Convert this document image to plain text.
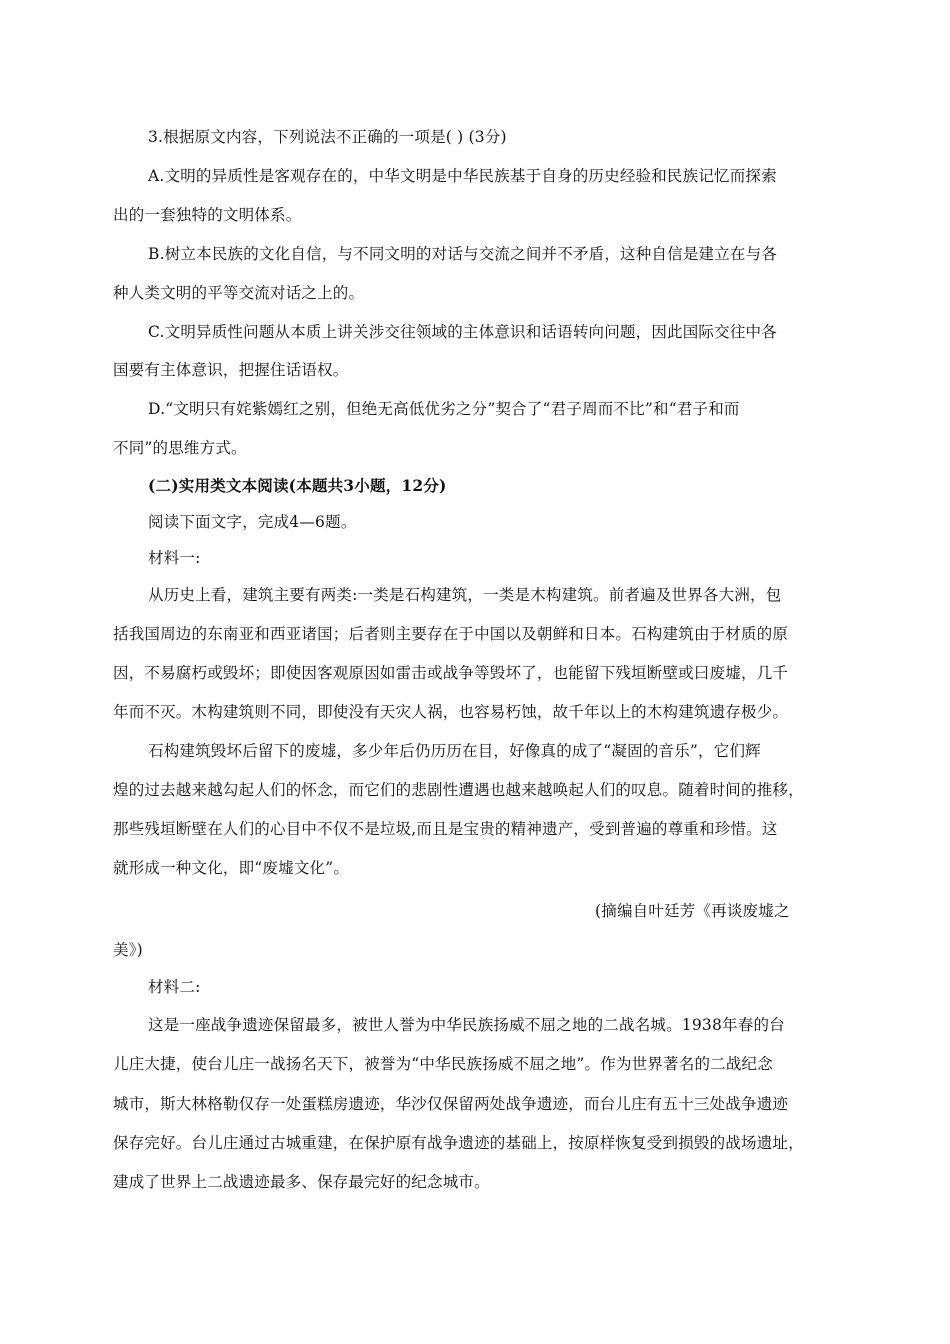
3.根据原文内容，下列说法不正确的一项是( ) (3分)
A.文明的异质性是客观存在的，中华文明是中华民族基于自身的历史经验和民族记忆而探索
出的一套独特的文明体系。
B.树立本民族的文化自信，与不同文明的对话与交流之间并不矛盾，这种自信是建立在与各
种人类文明的平等交流对话之上的。
C.文明异质性问题从本质上讲关涉交往领域的主体意识和话语转向问题，因此国际交往中各
国要有主体意识，把握住话语权。
D.“文明只有姹紫嫣红之别，但绝无高低优劣之分”契合了“君子周而不比”和“君子和而
不同”的思维方式。
(二)实用类文本阅读(本题共3小题，12分)
阅读下面文字，完成4—6题。
材料一:
从历史上看，建筑主要有两类:一类是石构建筑，一类是木构建筑。前者遍及世界各大洲，包
括我国周边的东南亚和西亚诸国；后者则主要存在于中国以及朝鲜和日本。石构建筑由于材质的原
因，不易腐朽或毁坏；即使因客观原因如雷击或战争等毁坏了，也能留下残垣断壁或曰废墟，几千
年而不灭。木构建筑则不同，即使没有天灾人祸，也容易朽蚀，故千年以上的木构建筑遗存极少。
石构建筑毁坏后留下的废墟，多少年后仍历历在目，好像真的成了“凝固的音乐”，它们辉
煌的过去越来越勾起人们的怀念，而它们的悲剧性遭遇也越来越唤起人们的叹息。随着时间的推移，
那些残垣断壁在人们的心目中不仅不是垃圾,而且是宝贵的精神遗产，受到普遍的尊重和珍惜。这
就形成一种文化，即“废墟文化”。
(摘编自叶廷芳《再谈废墟之
美》)
材料二:
这是一座战争遗迹保留最多，被世人誉为中华民族扬威不屈之地的二战名城。1938年春的台
儿庄大捷，使台儿庄一战扬名天下，被誉为“中华民族扬威不屈之地”。作为世界著名的二战纪念
城市，斯大林格勒仅存一处蛋糕房遗迹，华沙仅保留两处战争遗迹，而台儿庄有五十三处战争遗迹
保存完好。台儿庄通过古城重建，在保护原有战争遗迹的基础上，按原样恢复受到损毁的战场遗址，
建成了世界上二战遗迹最多、保存最完好的纪念城市。
